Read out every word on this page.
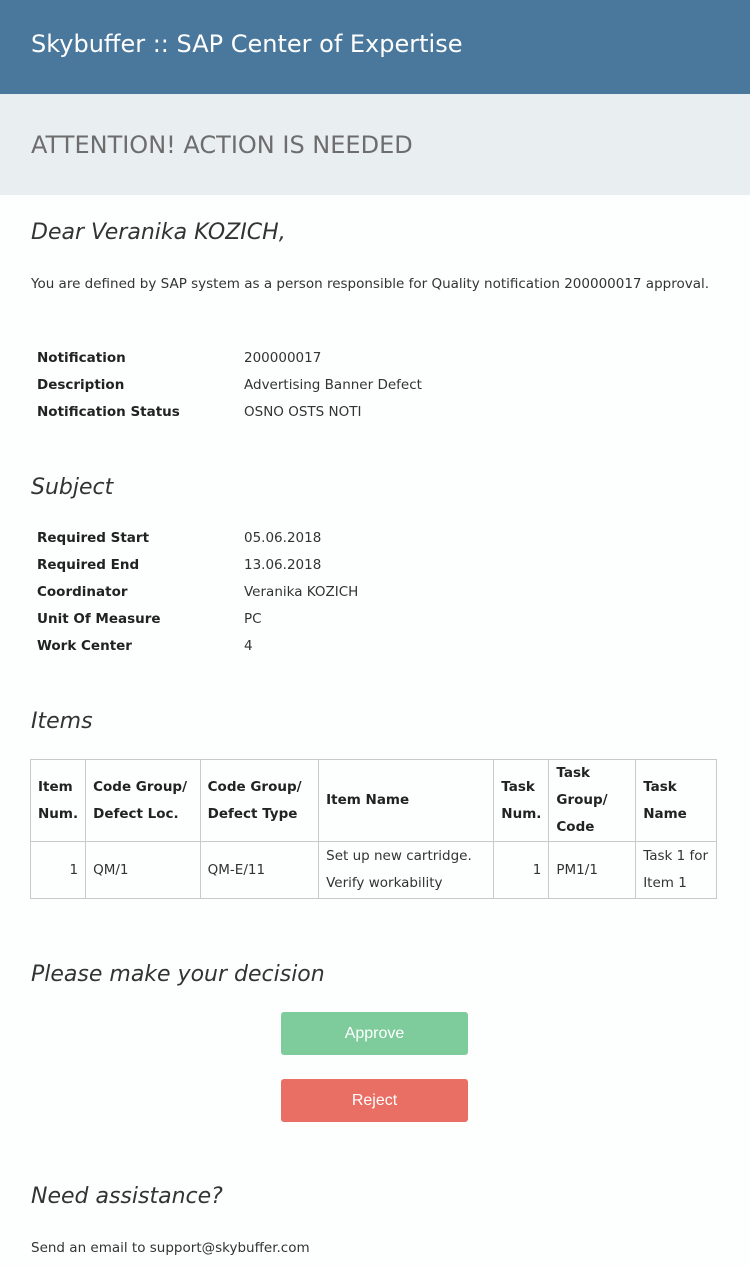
Skybuffer :: SAP Center of Expertise
ATTENTION! ACTION IS NEEDED
Dear Veranika KOZICH,
You are defined by SAP system as a person responsible for Quality notification 200000017 approval.
Notification	200000017
Description	Advertising Banner Defect
Notification Status	OSNO OSTS NOTI
Subject
Required Start	05.06.2018
Required End	13.06.2018
Coordinator	Veranika KOZICH
Unit Of Measure	PC
Work Center	4
Items
Item Num.	Code Group/ Defect Loc.	Code Group/ Defect Type	Item Name	Task Num.	Task Group/ Code	Task Name
1	QM/1	QM-E/11	Set up new cartridge. Verify workability	1	PM1/1	Task 1 for Item 1
Please make your decision
Approve
Reject
Need assistance?
Send an email to support@skybuffer.com
